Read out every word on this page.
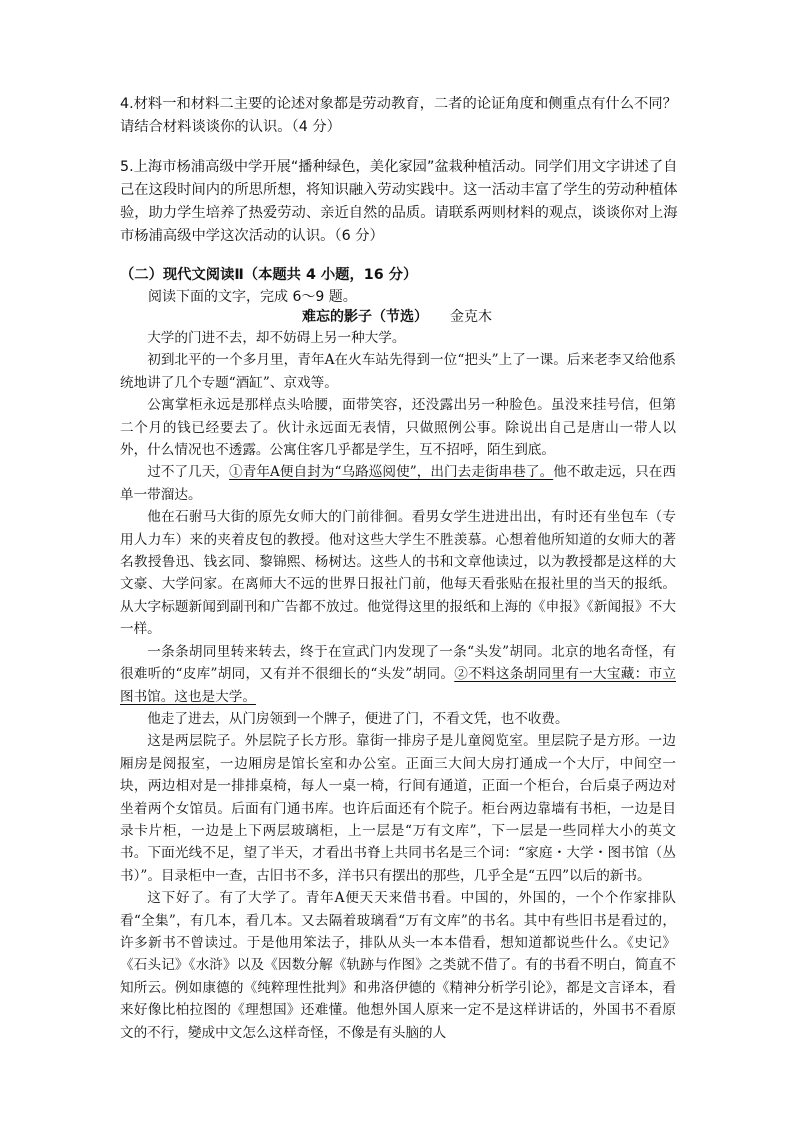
4.材料一和材料二主要的论述对象都是劳动教育，二者的论证角度和侧重点有什么不同？请结合材料谈谈你的认识。（4 分）
5.上海市杨浦高级中学开展“播种绿色，美化家园”盆栽种植活动。同学们用文字讲述了自己在这段时间内的所思所想，将知识融入劳动实践中。这一活动丰富了学生的劳动种植体验，助力学生培养了热爱劳动、亲近自然的品质。请联系两则材料的观点，谈谈你对上海市杨浦高级中学这次活动的认识。（6 分）
（二）现代文阅读Ⅱ（本题共 4 小题，16 分）
阅读下面的文字，完成 6～9 题。
难忘的影子（节选） 金克木

大学的门进不去，却不妨碍上另一种大学。

初到北平的一个多月里，青年A在火车站先得到一位“把头”上了一课。后来老李又给他系统地讲了几个专题“酒缸”、京戏等。

公寓掌柜永远是那样点头哈腰，面带笑容，还没露出另一种脸色。虽没来挂号信，但第二个月的钱已经要去了。伙计永远面无表情，只做照例公事。除说出自己是唐山一带人以外，什么情况也不透露。公寓住客几乎都是学生，互不招呼，陌生到底。

过不了几天，①青年A便自封为“乌路巡阅使”，出门去走街串巷了。他不敢走远，只在西单一带溜达。

他在石驸马大街的原先女师大的门前徘徊。看男女学生进进出出，有时还有坐包车（专用人力车）来的夹着皮包的教授。他对这些大学生不胜羡慕。心想着他所知道的女师大的著名教授鲁迅、钱玄同、黎锦熙、杨树达。这些人的书和文章他读过，以为教授都是这样的大文豪、大学问家。在离师大不远的世界日报社门前，他每天看张贴在报社里的当天的报纸。从大字标题新闻到副刊和广告都不放过。他觉得这里的报纸和上海的《申报》《新闻报》不大一样。

一条条胡同里转来转去，终于在宣武门内发现了一条“头发”胡同。北京的地名奇怪，有很难听的“皮库”胡同，又有并不很细长的“头发”胡同。②不料这条胡同里有一大宝藏：市立图书馆。这也是大学。

他走了进去，从门房领到一个牌子，便进了门，不看文凭，也不收费。

这是两层院子。外层院子长方形。靠街一排房子是儿童阅览室。里层院子是方形。一边厢房是阅报室，一边厢房是馆长室和办公室。正面三大间大房打通成一个大厅，中间空一块，两边相对是一排排桌椅，每人一桌一椅，行间有通道，正面一个柜台，台后桌子两边对坐着两个女馆员。后面有门通书库。也许后面还有个院子。柜台两边靠墙有书柜，一边是目录卡片柜，一边是上下两层玻璃柜，上一层是“万有文库”，下一层是一些同样大小的英文书。下面光线不足，望了半天，才看出书脊上共同书名是三个词：“家庭・大学・图书馆（丛书）”。目录柜中一查，古旧书不多，洋书只有摆出的那些，几乎全是“五四”以后的新书。

这下好了。有了大学了。青年A便天天来借书看。中国的，外国的，一个个作家排队看“全集”，有几本，看几本。又去隔着玻璃看“万有文库”的书名。其中有些旧书是看过的，许多新书不曾读过。于是他用笨法子，排队从头一本本借看，想知道都说些什么。《史记》《石头记》《水浒》以及《因数分解《轨跡与作图》之类就不借了。有的书看不明白，简直不知所云。例如康德的《纯粹理性批判》和弗洛伊德的《精神分析学引论》，都是文言译本，看来好像比柏拉图的《理想国》还难懂。他想外国人原来一定不是这样讲话的，外国书不看原文的不行，變成中文怎么这样奇怪，不像是有头脑的人
